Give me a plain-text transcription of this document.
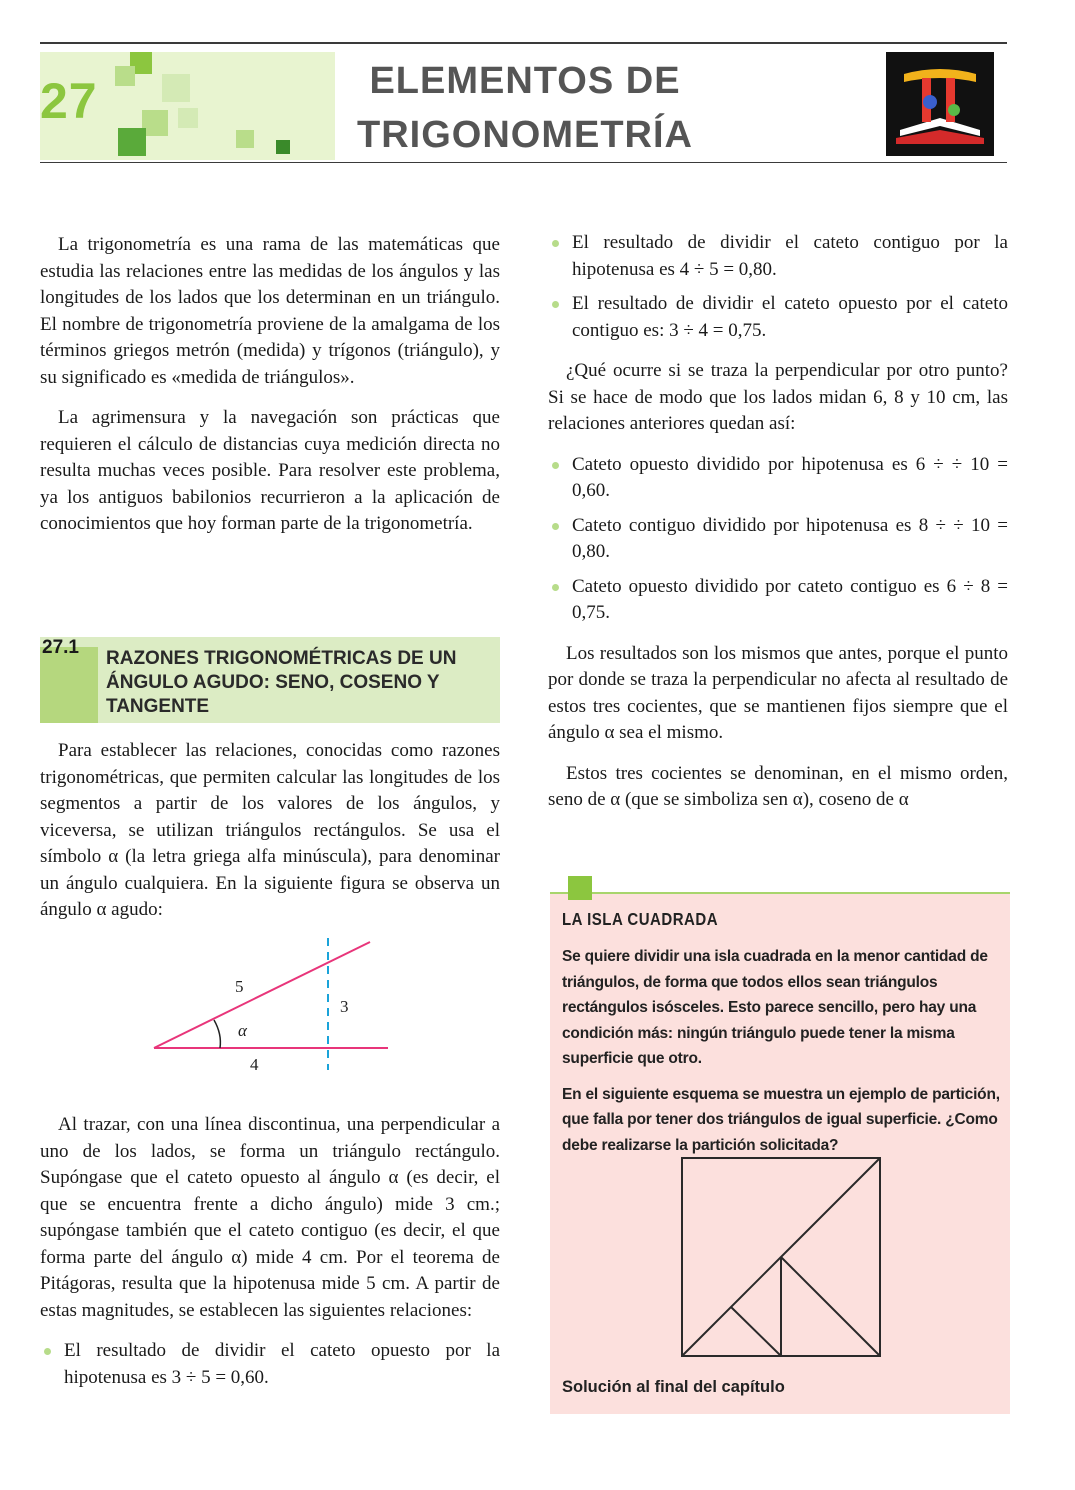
27	ELEMENTOS DE
TRIGONOMETRÍA

La trigonometría es una rama de las matemáticas que estudia las relaciones entre las medidas de los ángulos y las longitudes de los lados que los determinan en un triángulo. El nombre de trigonometría proviene de la amalgama de los términos griegos metrón (medida) y trígonos (triángulo), y su significado es «medida de triángulos».

La agrimensura y la navegación son prácticas que requieren el cálculo de distancias cuya medición directa no resulta muchas veces posible. Para resolver este problema, ya los antiguos babilonios recurrieron a la aplicación de conocimientos que hoy forman parte de la trigonometría.

27.1
RAZONES TRIGONOMÉTRICAS DE UN ÁNGULO AGUDO: SENO, COSENO Y TANGENTE

Para establecer las relaciones, conocidas como razones trigonométricas, que permiten calcular las longitudes de los segmentos a partir de los valores de los ángulos, y viceversa, se utilizan triángulos rectángulos. Se usa el símbolo α (la letra griega alfa minúscula), para denominar un ángulo cualquiera. En la siguiente figura se observa un ángulo α agudo:

5
3
4
α

Al trazar, con una línea discontinua, una perpendicular a uno de los lados, se forma un triángulo rectángulo. Supóngase que el cateto opuesto al ángulo α (es decir, el que se encuentra frente a dicho ángulo) mide 3 cm.; supóngase también que el cateto contiguo (es decir, el que forma parte del ángulo α) mide 4 cm. Por el teorema de Pitágoras, resulta que la hipotenusa mide 5 cm. A partir de estas magnitudes, se establecen las siguientes relaciones:

El resultado de dividir el cateto opuesto por la hipotenusa es 3 ÷ 5 = 0,60.
El resultado de dividir el cateto contiguo por la hipotenusa es 4 ÷ 5 = 0,80.
El resultado de dividir el cateto opuesto por el cateto contiguo es: 3 ÷ 4 = 0,75.

¿Qué ocurre si se traza la perpendicular por otro punto? Si se hace de modo que los lados midan 6, 8 y 10 cm, las relaciones anteriores quedan así:

Cateto opuesto dividido por hipotenusa es 6 ÷ ÷ 10 = 0,60.
Cateto contiguo dividido por hipotenusa es 8 ÷ ÷ 10 = 0,80.
Cateto opuesto dividido por cateto contiguo es 6 ÷ 8 = 0,75.

Los resultados son los mismos que antes, porque el punto por donde se traza la perpendicular no afecta al resultado de estos tres cocientes, que se mantienen fijos siempre que el ángulo α sea el mismo.

Estos tres cocientes se denominan, en el mismo orden, seno de α (que se simboliza sen α), coseno de α

LA ISLA CUADRADA

Se quiere dividir una isla cuadrada en la menor cantidad de triángulos, de forma que todos ellos sean triángulos rectángulos isósceles. Esto parece sencillo, pero hay una condición más: ningún triángulo puede tener la misma superficie que otro.

En el siguiente esquema se muestra un ejemplo de partición, que falla por tener dos triángulos de igual superficie. ¿Como debe realizarse la partición solicitada?

Solución al final del capítulo
